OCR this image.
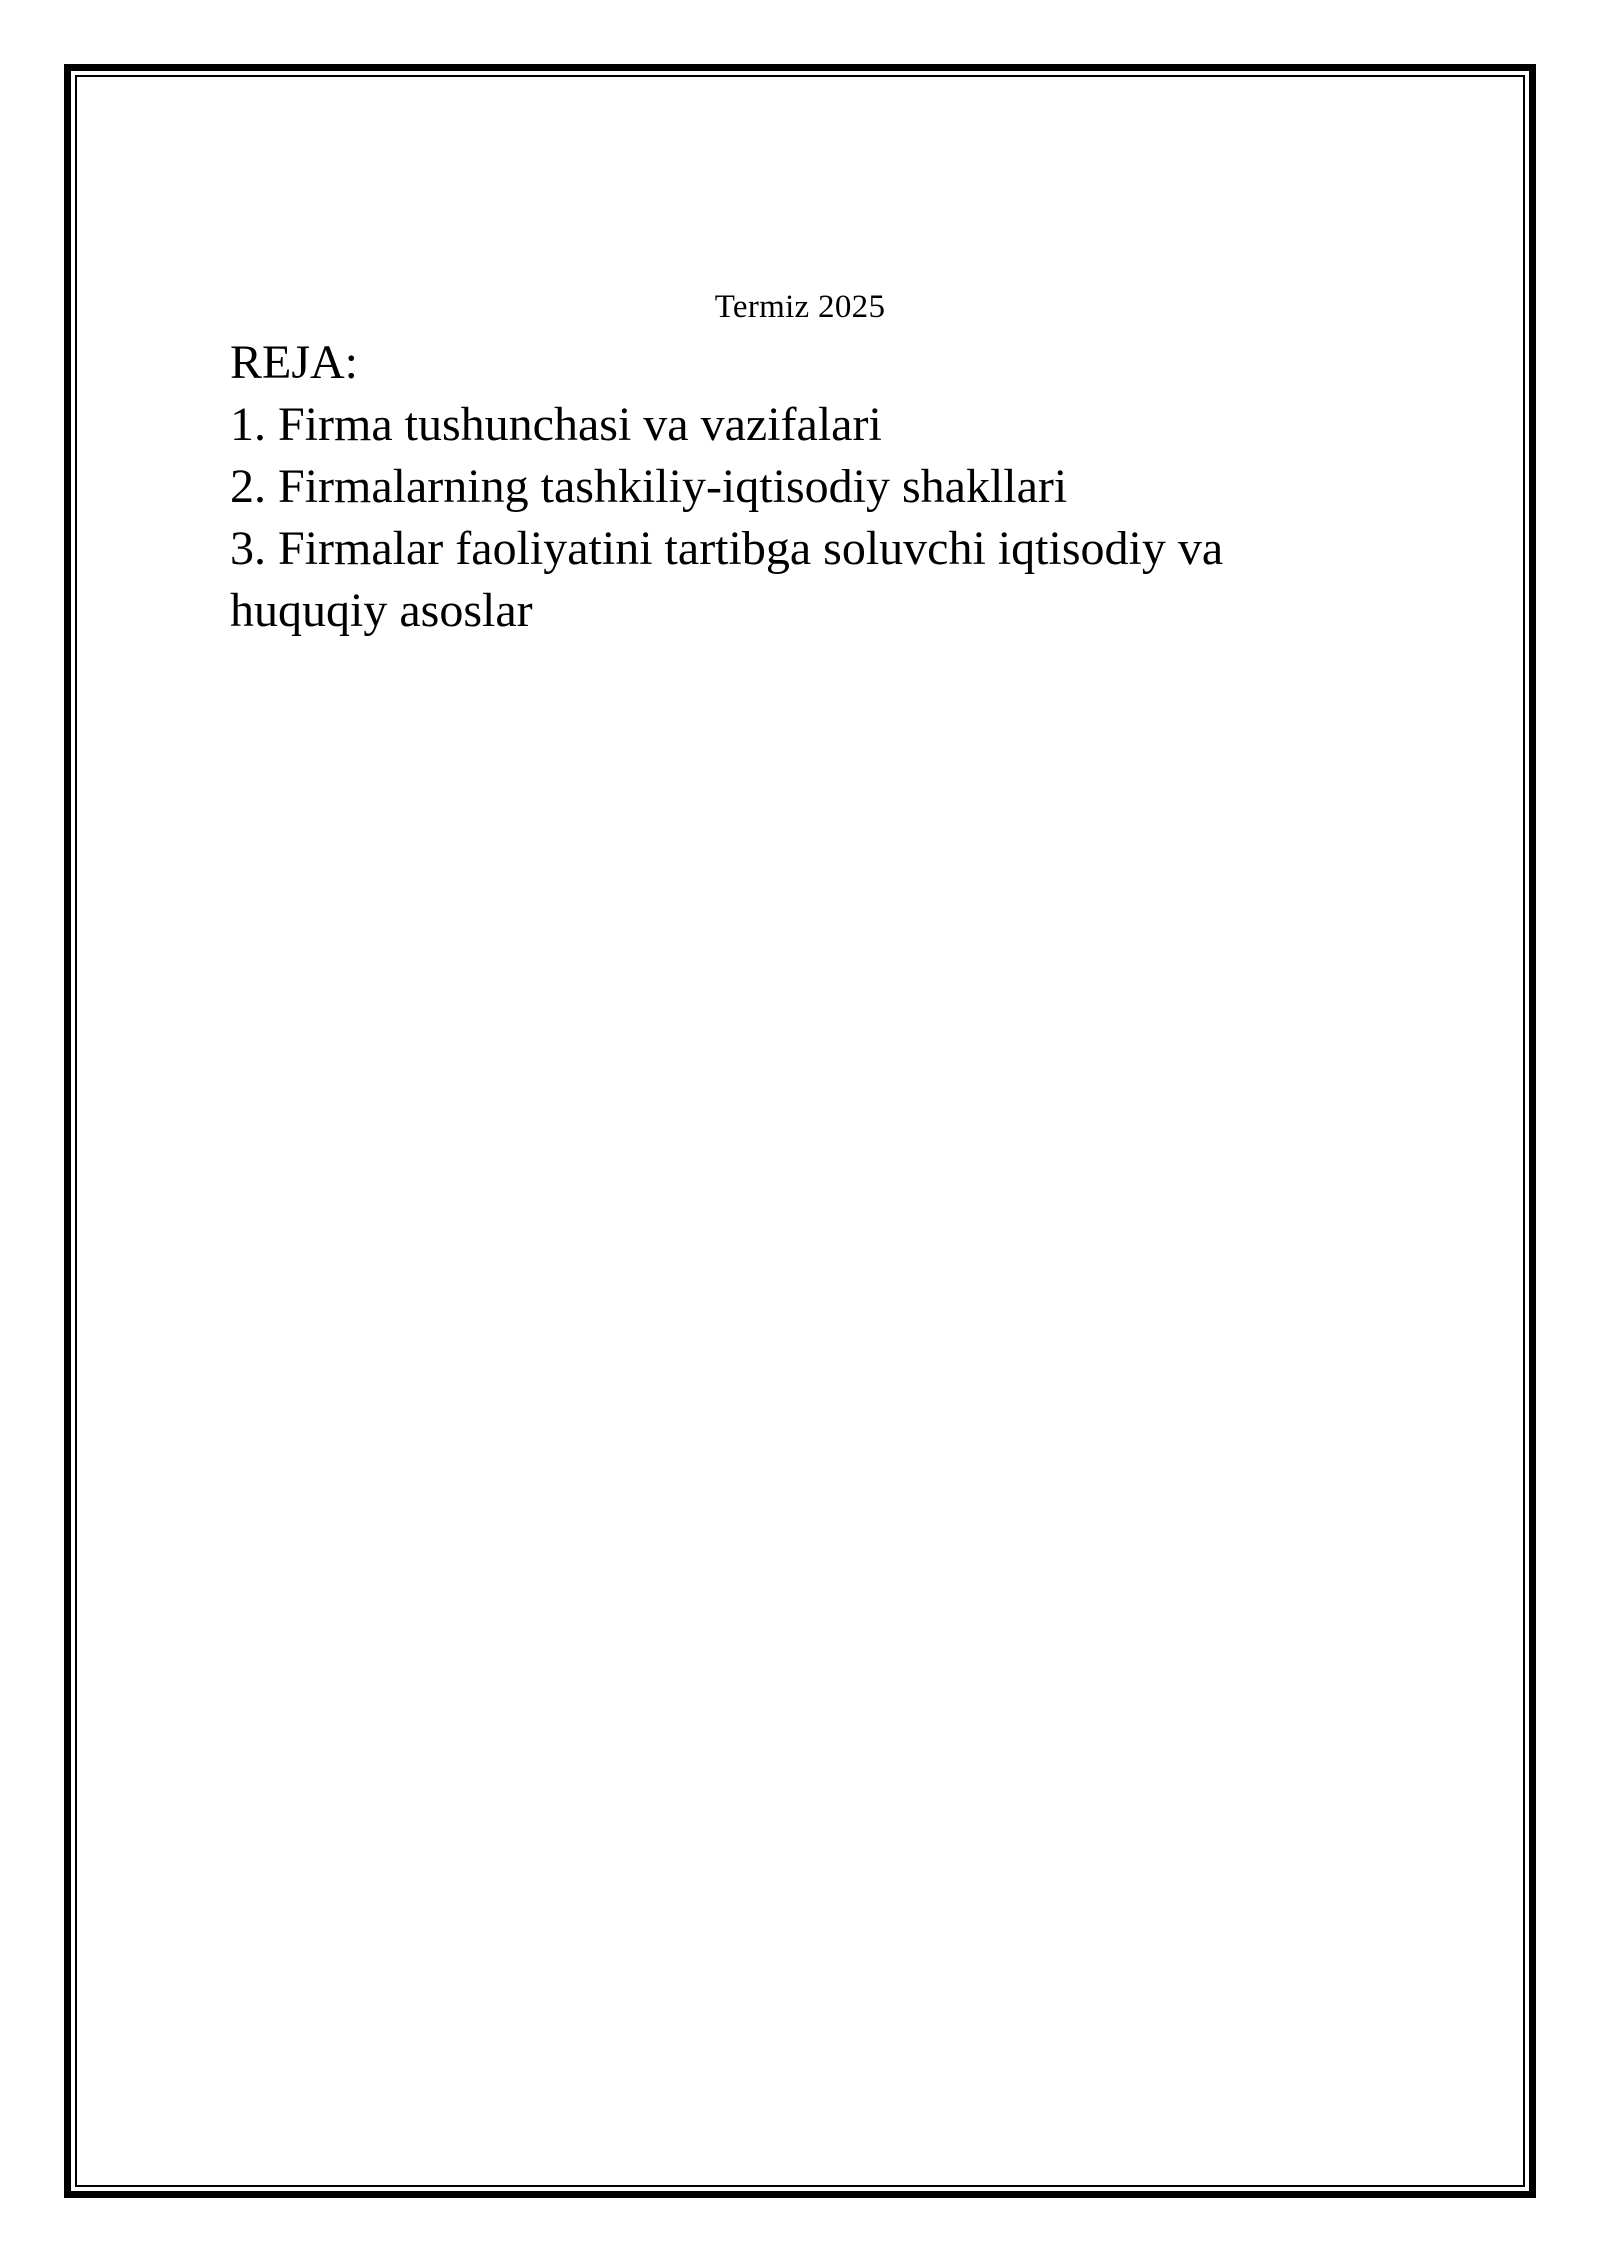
Termiz 2025
REJA:
1. Firma tushunchasi va vazifalari
2. Firmalarning tashkiliy-iqtisodiy shakllari
3. Firmalar faoliyatini tartibga soluvchi iqtisodiy va huquqiy asoslar
